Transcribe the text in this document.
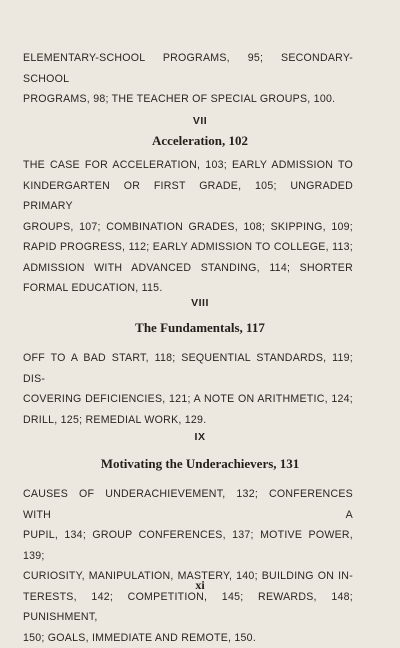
ELEMENTARY-SCHOOL PROGRAMS, 95; SECONDARY-SCHOOL
PROGRAMS, 98; THE TEACHER OF SPECIAL GROUPS, 100.

VII
Acceleration, 102

THE CASE FOR ACCELERATION, 103; EARLY ADMISSION TO
KINDERGARTEN OR FIRST GRADE, 105; UNGRADED PRIMARY
GROUPS, 107; COMBINATION GRADES, 108; SKIPPING, 109;
RAPID PROGRESS, 112; EARLY ADMISSION TO COLLEGE, 113;
ADMISSION WITH ADVANCED STANDING, 114; SHORTER
FORMAL EDUCATION, 115.

VIII
The Fundamentals, 117

OFF TO A BAD START, 118; SEQUENTIAL STANDARDS, 119; DIS-
COVERING DEFICIENCIES, 121; A NOTE ON ARITHMETIC, 124;
DRILL, 125; REMEDIAL WORK, 129.

IX
Motivating the Underachievers, 131

CAUSES OF UNDERACHIEVEMENT, 132; CONFERENCES WITH A
PUPIL, 134; GROUP CONFERENCES, 137; MOTIVE POWER, 139;
CURIOSITY, MANIPULATION, MASTERY, 140; BUILDING ON IN-
TERESTS, 142; COMPETITION, 145; REWARDS, 148; PUNISHMENT,
150; GOALS, IMMEDIATE AND REMOTE, 150.

xi
